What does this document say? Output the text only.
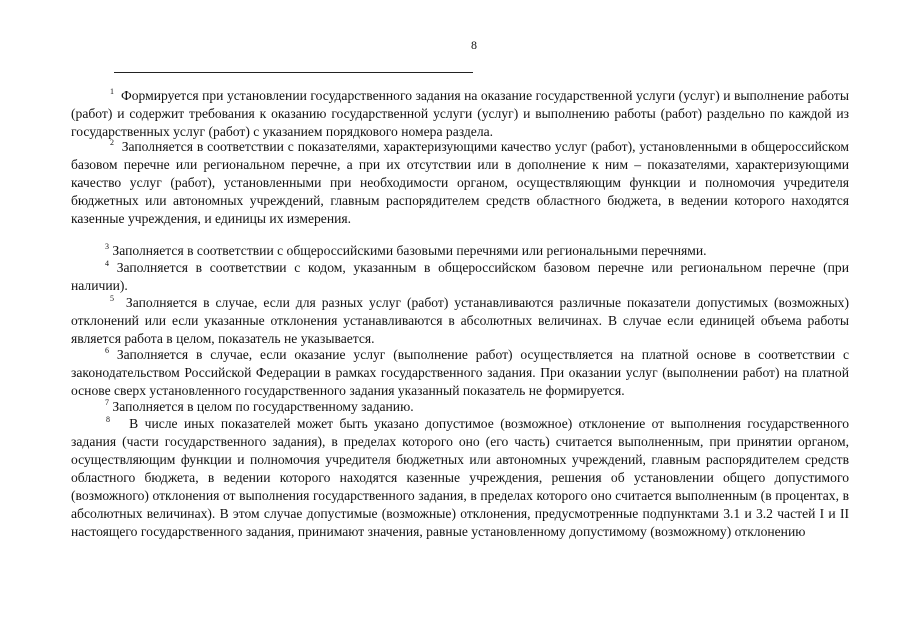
8

$^1$ Формируется при установлении государственного задания на оказание государственной услуги (услуг) и выполнение работы (работ) и содержит требования к оказанию государственной услуги (услуг) и выполнению работы (работ) раздельно по каждой из государственных услуг (работ) с указанием порядкового номера раздела.

$^2$ Заполняется в соответствии с показателями, характеризующими качество услуг (работ), установленными в общероссийском базовом перечне или региональном перечне, а при их отсутствии или в дополнение к ним – показателями, характеризующими качество услуг (работ), установленными при необходимости органом, осуществляющим функции и полномочия учредителя бюджетных или автономных учреждений, главным распорядителем средств областного бюджета, в ведении которого находятся казенные учреждения, и единицы их измерения.

$^3$ Заполняется в соответствии с общероссийскими базовыми перечнями или региональными перечнями.

$^4$ Заполняется в соответствии с кодом, указанным в общероссийском базовом перечне или региональном перечне (при наличии).

$^5$ Заполняется в случае, если для разных услуг (работ) устанавливаются различные показатели допустимых (возможных) отклонений или если указанные отклонения устанавливаются в абсолютных величинах. В случае если единицей объема работы является работа в целом, показатель не указывается.

$^6$ Заполняется в случае, если оказание услуг (выполнение работ) осуществляется на платной основе в соответствии с законодательством Российской Федерации в рамках государственного задания. При оказании услуг (выполнении работ) на платной основе сверх установленного государственного задания указанный показатель не формируется.

$^7$ Заполняется в целом по государственному заданию.

$^8$ В числе иных показателей может быть указано допустимое (возможное) отклонение от выполнения государственного задания (части государственного задания), в пределах которого оно (его часть) считается выполненным, при принятии органом, осуществляющим функции и полномочия учредителя бюджетных или автономных учреждений, главным распорядителем средств областного бюджета, в ведении которого находятся казенные учреждения, решения об установлении общего допустимого (возможного) отклонения от выполнения государственного задания, в пределах которого оно считается выполненным (в процентах, в абсолютных величинах). В этом случае допустимые (возможные) отклонения, предусмотренные подпунктами 3.1 и 3.2 частей I и II настоящего государственного задания, принимают значения, равные установленному допустимому (возможному) отклонению
